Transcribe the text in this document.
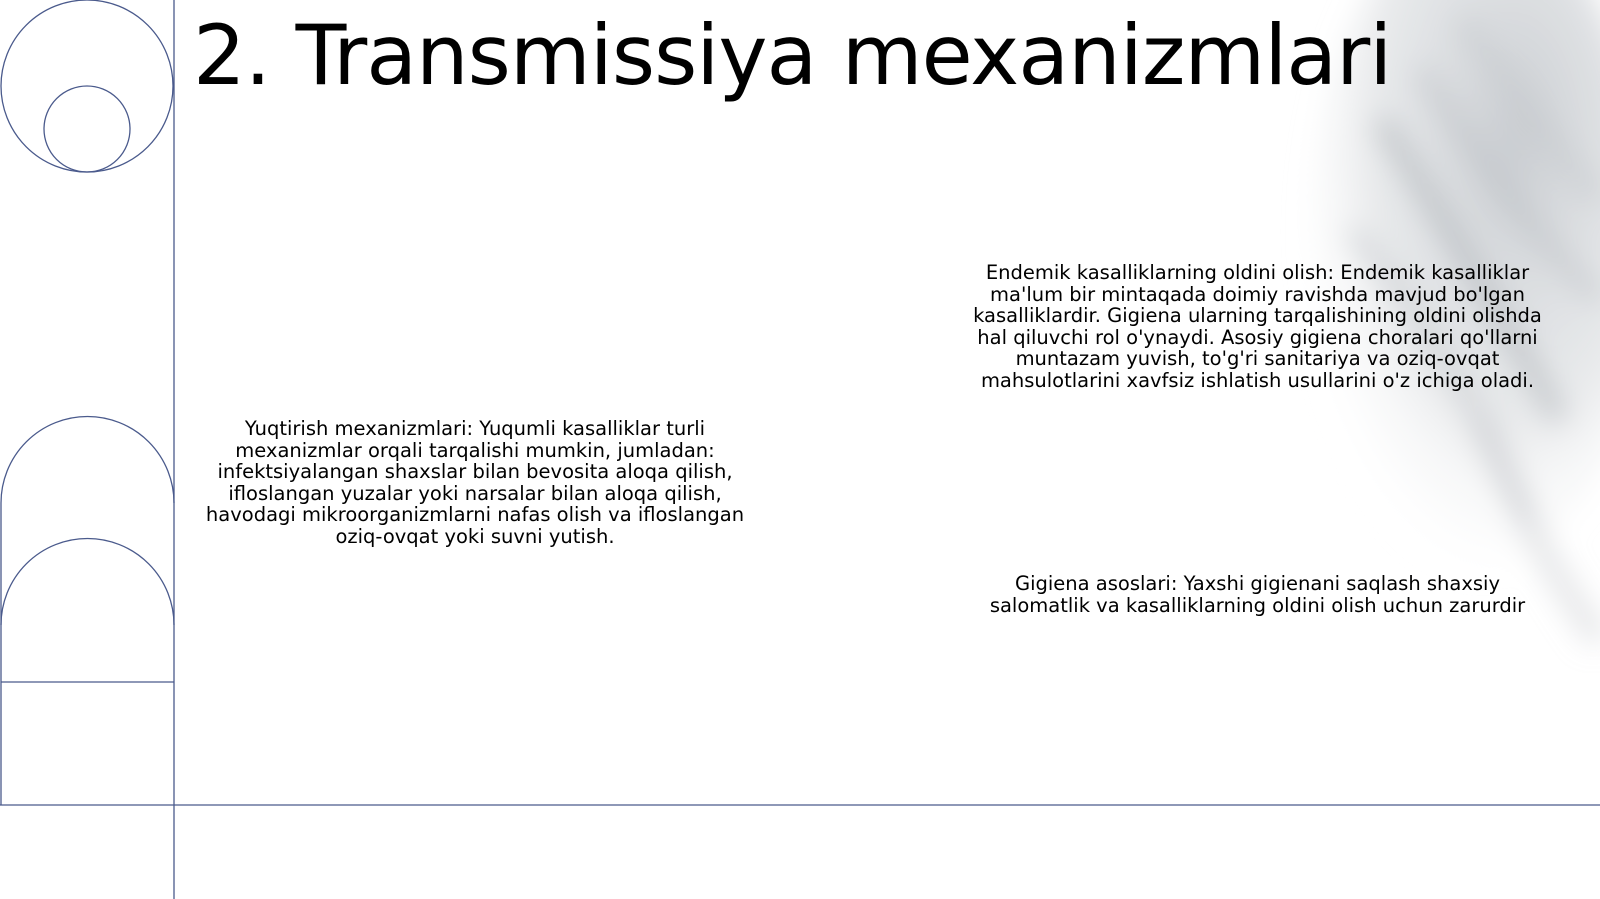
2. Transmissiya mexanizmlari

Yuqtirish mexanizmlari: Yuqumli kasalliklar turli mexanizmlar orqali tarqalishi mumkin, jumladan: infektsiyalangan shaxslar bilan bevosita aloqa qilish, ifloslangan yuzalar yoki narsalar bilan aloqa qilish, havodagi mikroorganizmlarni nafas olish va ifloslangan oziq-ovqat yoki suvni yutish.

Endemik kasalliklarning oldini olish: Endemik kasalliklar ma'lum bir mintaqada doimiy ravishda mavjud bo'lgan kasalliklardir. Gigiena ularning tarqalishining oldini olishda hal qiluvchi rol o'ynaydi. Asosiy gigiena choralari qo'llarni muntazam yuvish, to'g'ri sanitariya va oziq-ovqat mahsulotlarini xavfsiz ishlatish usullarini o'z ichiga oladi.

Gigiena asoslari: Yaxshi gigienani saqlash shaxsiy salomatlik va kasalliklarning oldini olish uchun zarurdir
